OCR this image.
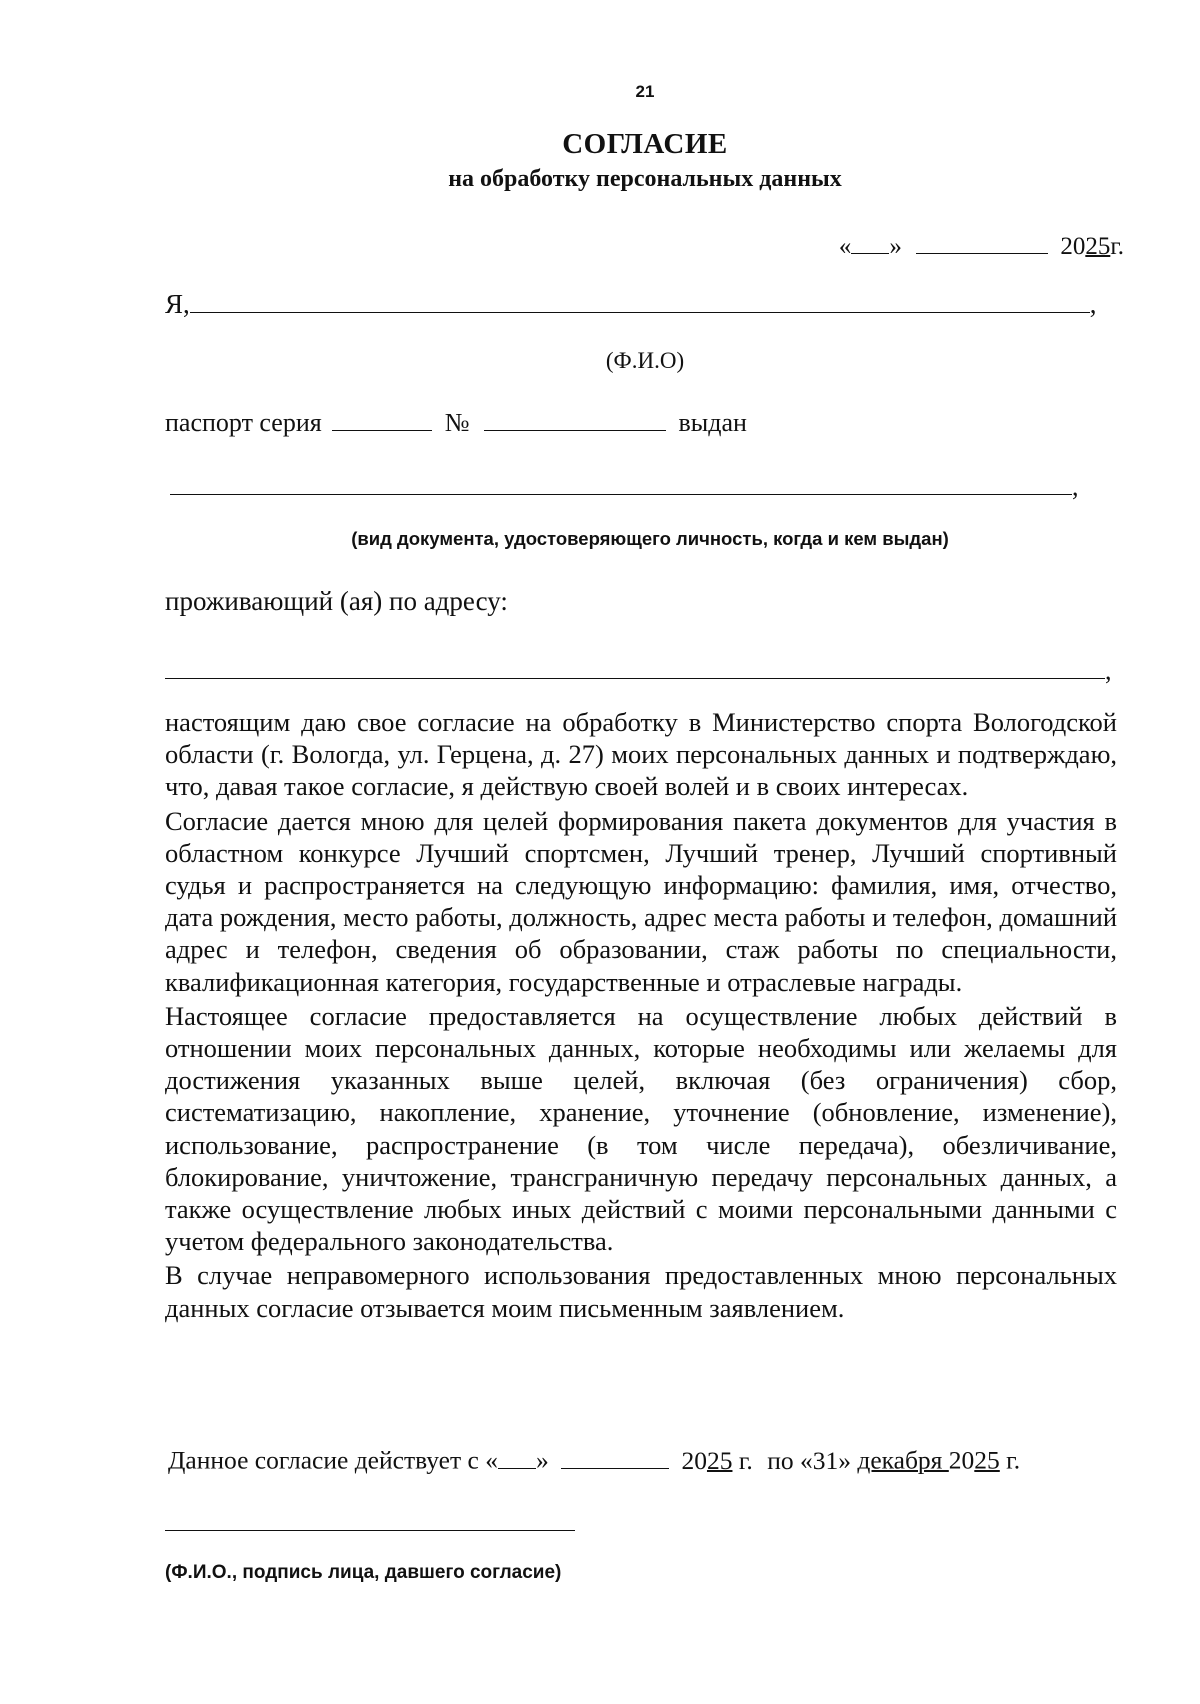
21
СОГЛАСИЕ
на обработку персональных данных
« »	2025г.
Я,	,
(Ф.И.О)
паспорт серия	№	выдан
,
(вид документа, удостоверяющего личность, когда и кем выдан)
проживающий (ая) по адресу:
,

настоящим даю свое согласие на обработку в Министерство спорта Вологодской области (г. Вологда, ул. Герцена, д. 27) моих персональных данных и подтверждаю, что, давая такое согласие, я действую своей волей и в своих интересах.

Согласие дается мною для целей формирования пакета документов для участия в областном конкурсе Лучший спортсмен, Лучший тренер, Лучший спортивный судья и распространяется на следующую информацию: фамилия, имя, отчество, дата рождения, место работы, должность, адрес места работы и телефон, домашний адрес и телефон, сведения об образовании, стаж работы по специальности, квалификационная категория, государственные и отраслевые награды.

Настоящее согласие предоставляется на осуществление любых действий в отношении моих персональных данных, которые необходимы или желаемы для достижения указанных выше целей, включая (без ограничения) сбор, систематизацию, накопление, хранение, уточнение (обновление, изменение), использование, распространение (в том числе передача), обезличивание, блокирование, уничтожение, трансграничную передачу персональных данных, а также осуществление любых иных действий с моими персональными данными с учетом федерального законодательства.

В случае неправомерного использования предоставленных мною персональных данных согласие отзывается моим письменным заявлением.

Данное согласие действует с « »	2025 г. по «31» декабря 2025 г.
(Ф.И.О., подпись лица, давшего согласие)
